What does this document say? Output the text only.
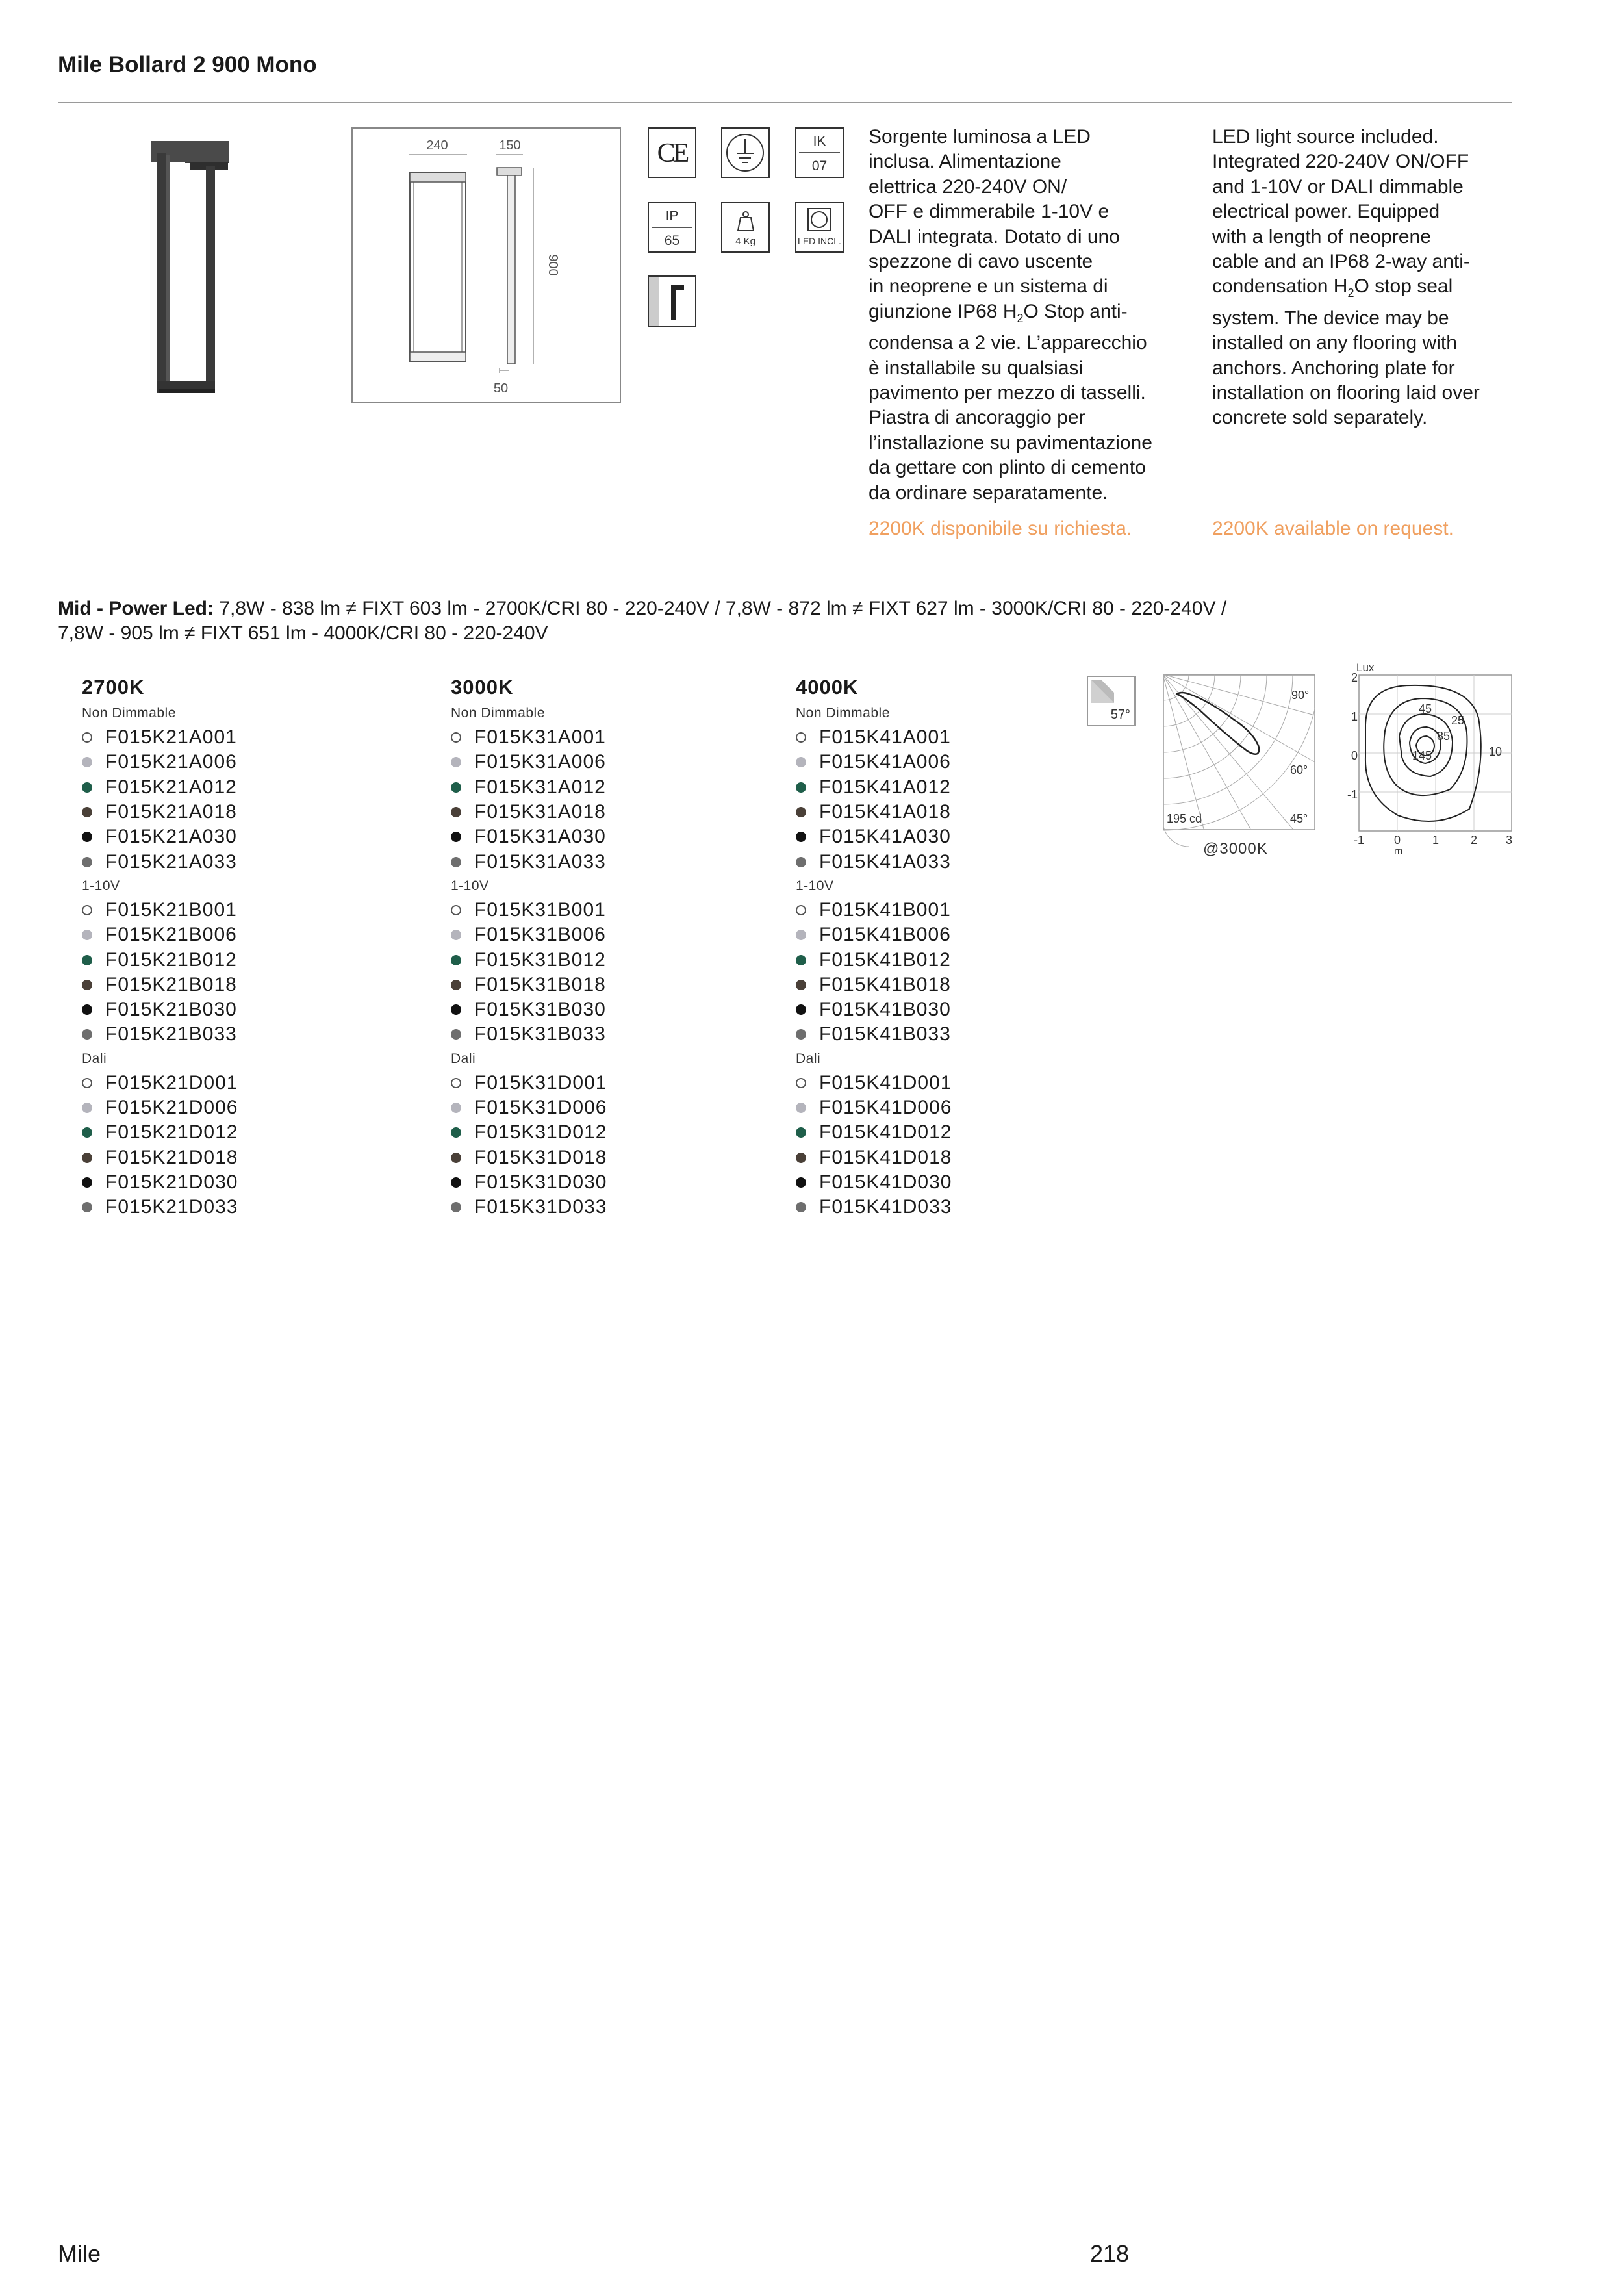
Mile Bollard 2 900 Mono
240	150
900
50
CE	IK
07
IP
65	4 Kg	LED INCL.
Sorgente luminosa a LED
inclusa. Alimentazione
elettrica 220-240V ON/
OFF e dimmerabile 1-10V e
DALI integrata. Dotato di uno
spezzone di cavo uscente
in neoprene e un sistema di
giunzione IP68 $H_2O$ Stop anti-
condensa a 2 vie. L’apparecchio
è installabile su qualsiasi
pavimento per mezzo di tasselli.
Piastra di ancoraggio per
l’installazione su pavimentazione
da gettare con plinto di cemento
da ordinare separatamente.
LED light source included.
Integrated 220-240V ON/OFF
and 1-10V or DALI dimmable
electrical power. Equipped
with a length of neoprene
cable and an IP68 2-way anti-
condensation $H_2O$ stop seal
system. The device may be
installed on any flooring with
anchors. Anchoring plate for
installation on flooring laid over
concrete sold separately.
2200K disponibile su richiesta.	2200K available on request.
Mid - Power Led: 7,8W - 838 lm ≠ FIXT 603 lm - 2700K/CRI 80 - 220-240V / 7,8W - 872 lm ≠ FIXT 627 lm - 3000K/CRI 80 - 220-240V /
7,8W - 905 lm ≠ FIXT 651 lm - 4000K/CRI 80 - 220-240V
2700K
Non Dimmable
F015K21A001
F015K21A006
F015K21A012
F015K21A018
F015K21A030
F015K21A033
1-10V
F015K21B001
F015K21B006
F015K21B012
F015K21B018
F015K21B030
F015K21B033
Dali
F015K21D001
F015K21D006
F015K21D012
F015K21D018
F015K21D030
F015K21D033
3000K
Non Dimmable
F015K31A001
F015K31A006
F015K31A012
F015K31A018
F015K31A030
F015K31A033
1-10V
F015K31B001
F015K31B006
F015K31B012
F015K31B018
F015K31B030
F015K31B033
Dali
F015K31D001
F015K31D006
F015K31D012
F015K31D018
F015K31D030
F015K31D033
4000K
Non Dimmable
F015K41A001
F015K41A006
F015K41A012
F015K41A018
F015K41A030
F015K41A033
1-10V
F015K41B001
F015K41B006
F015K41B012
F015K41B018
F015K41B030
F015K41B033
Dali
F015K41D001
F015K41D006
F015K41D012
F015K41D018
F015K41D030
F015K41D033
57°
90°
60°
45°
195 cd
@3000K
Lux
2
1
0
-1
45
25
85
145	10
-1	0	1	2 3
m
Mile	218
